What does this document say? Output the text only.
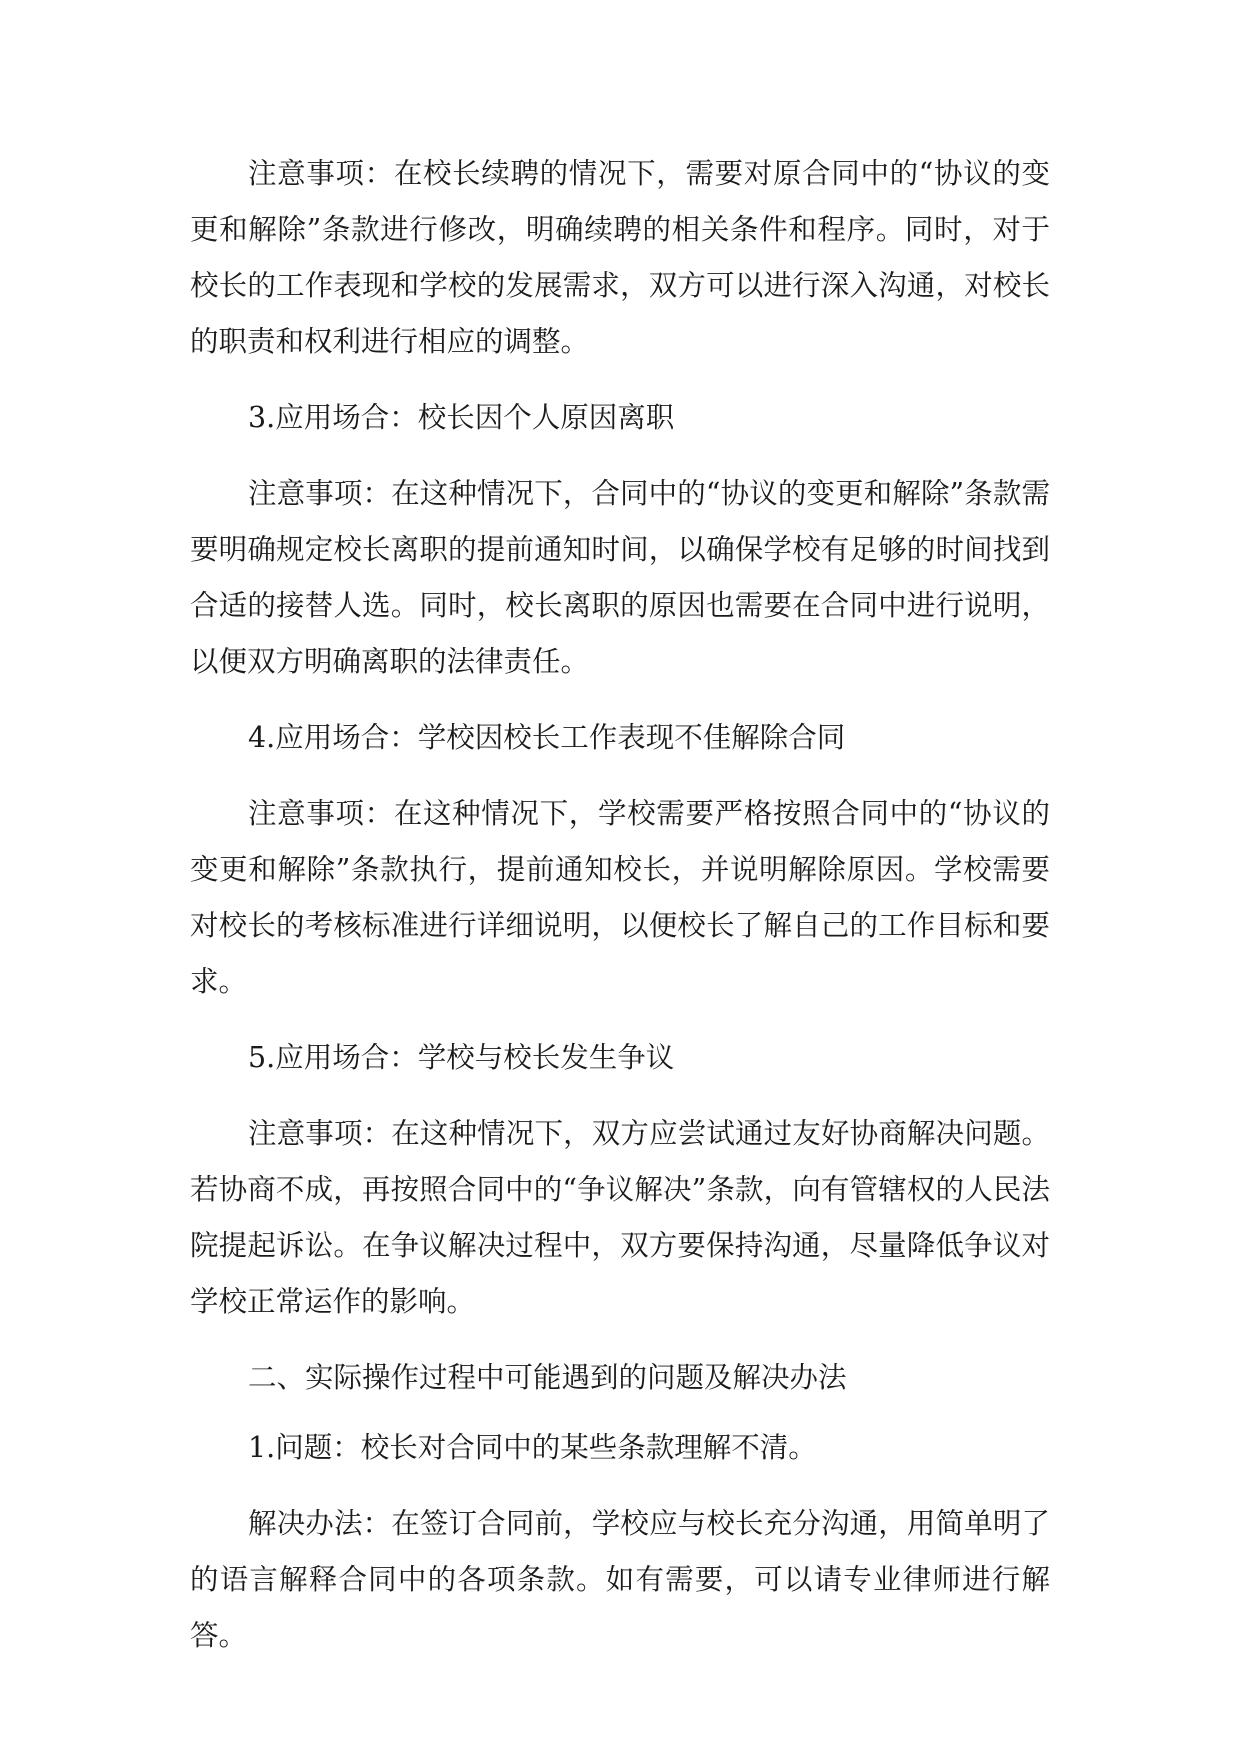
注意事项：在校长续聘的情况下，需要对原合同中的“协议的变更和解除”条款进行修改，明确续聘的相关条件和程序。同时，对于校长的工作表现和学校的发展需求，双方可以进行深入沟通，对校长的职责和权利进行相应的调整。

3.应用场合：校长因个人原因离职

注意事项：在这种情况下，合同中的“协议的变更和解除”条款需要明确规定校长离职的提前通知时间，以确保学校有足够的时间找到合适的接替人选。同时，校长离职的原因也需要在合同中进行说明，以便双方明确离职的法律责任。

4.应用场合：学校因校长工作表现不佳解除合同

注意事项：在这种情况下，学校需要严格按照合同中的“协议的变更和解除”条款执行，提前通知校长，并说明解除原因。学校需要对校长的考核标准进行详细说明，以便校长了解自己的工作目标和要求。

5.应用场合：学校与校长发生争议

注意事项：在这种情况下，双方应尝试通过友好协商解决问题。若协商不成，再按照合同中的“争议解决”条款，向有管辖权的人民法院提起诉讼。在争议解决过程中，双方要保持沟通，尽量降低争议对学校正常运作的影响。

二、实际操作过程中可能遇到的问题及解决办法

1.问题：校长对合同中的某些条款理解不清。

解决办法：在签订合同前，学校应与校长充分沟通，用简单明了的语言解释合同中的各项条款。如有需要，可以请专业律师进行解答。
